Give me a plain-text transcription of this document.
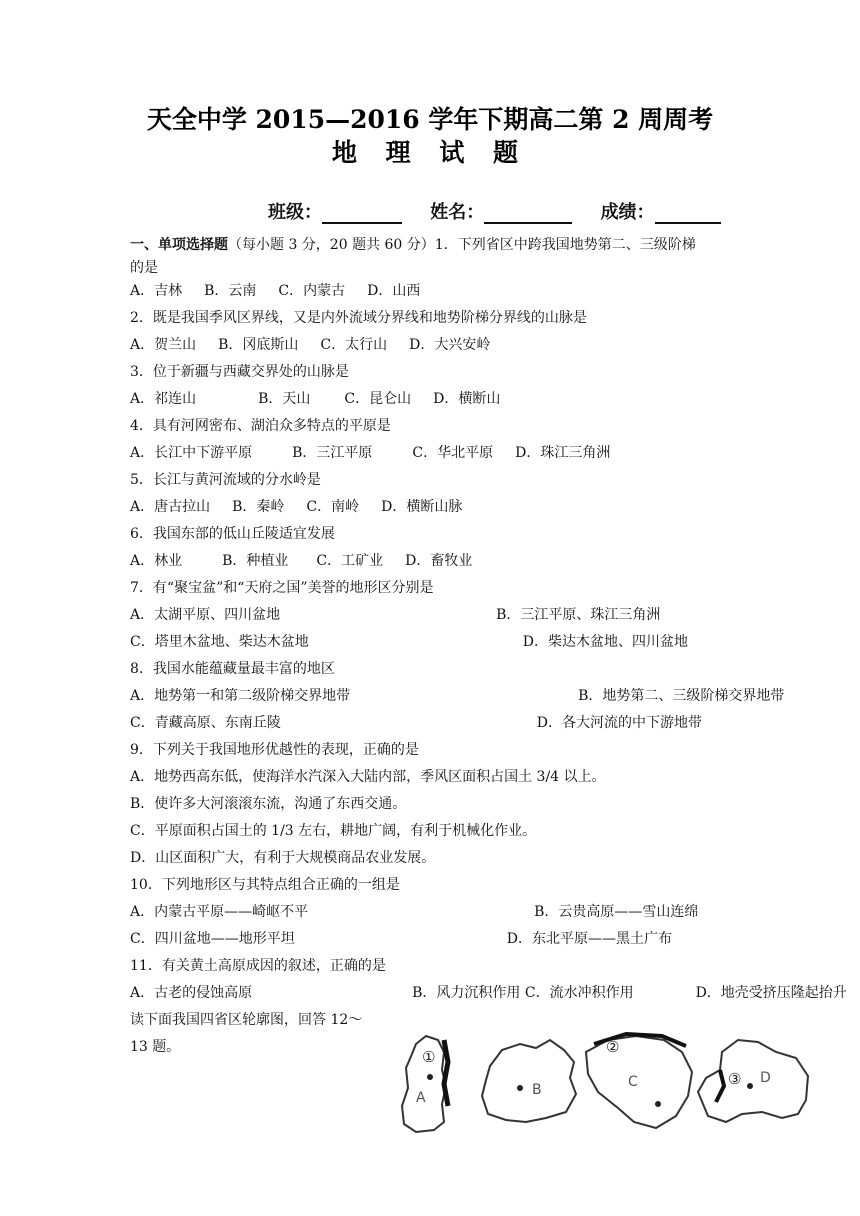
天全中学 2015—2016 学年下期高二第 2 周周考
地 理 试 题
班级：	姓名：	成绩：
一、单项选择题（每小题 3 分，20 题共 60 分）1．下列省区中跨我国地势第二、三级阶梯
的是
A．吉林 B．云南 C．内蒙古 D．山西
2．既是我国季风区界线，又是内外流域分界线和地势阶梯分界线的山脉是
A．贺兰山 B．冈底斯山 C．太行山 D．大兴安岭
3．位于新疆与西藏交界处的山脉是
A．祁连山	B．天山 C．昆仑山 D．横断山
4．具有河网密布、湖泊众多特点的平原是
A．长江中下游平原	B．三江平原	C．华北平原 D．珠江三角洲
5．长江与黄河流域的分水岭是
A．唐古拉山 B．秦岭 C．南岭 D．横断山脉
6．我国东部的低山丘陵适宜发展
A．林业	B．种植业 C．工矿业 D．畜牧业
7．有“聚宝盆”和“天府之国”美誉的地形区分别是
A．太湖平原、四川盆地	B．三江平原、珠江三角洲
C．塔里木盆地、柴达木盆地	D．柴达木盆地、四川盆地
8．我国水能蕴藏量最丰富的地区
A．地势第一和第二级阶梯交界地带	B．地势第二、三级阶梯交界地带
C．青藏高原、东南丘陵	D．各大河流的中下游地带
9．下列关于我国地形优越性的表现，正确的是
A．地势西高东低，使海洋水汽深入大陆内部，季风区面积占国土 3/4 以上。
B．使许多大河滚滚东流，沟通了东西交通。
C．平原面积占国土的 1/3 左右，耕地广阔，有利于机械化作业。
D．山区面积广大，有利于大规模商品农业发展。
10．下列地形区与其特点组合正确的一组是
A．内蒙古平原——崎岖不平	B．云贵高原——雪山连绵
C．四川盆地——地形平坦	D．东北平原——黑土广布
11．有关黄土高原成因的叙述，正确的是
A．古老的侵蚀高原	B．风力沉积作用 C．流水冲积作用	D．地壳受挤压隆起抬升
读下面我国四省区轮廓图，回答 12～
13 题。
①
②
③
A	B	C	D
